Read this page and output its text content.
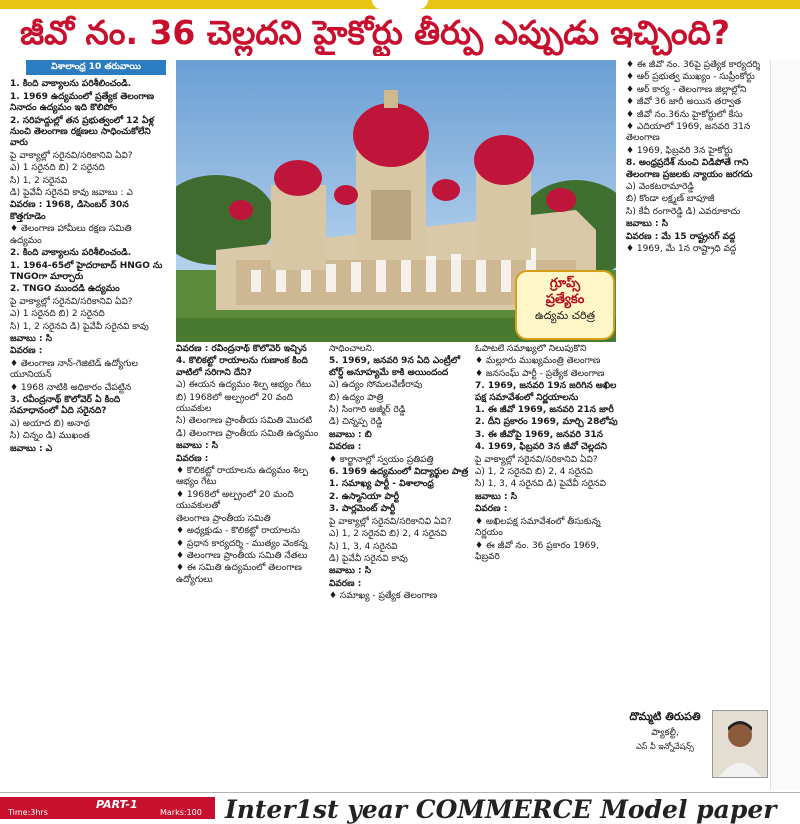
జీవో నం. 36 చెల్లదని హైకోర్టు తీర్పు ఎప్పుడు ఇచ్చింది?
విశాలాంధ్ర 10 తరువాయి

1. కింది వాక్యాలను పరిశీలించండి.

1. 1969 ఉద్యమంలో ప్రత్యేక తెలంగాణ నినాదం ఉద్యమం ఇది కొలిపోం

2. సరిహద్దుల్లో తన ప్రభుత్వంలో 12 ఏళ్ల నుంచి తెలంగాణ రక్షణలు సాధించుకోలేని వారు

పై వాక్యాల్లో సరైనవి/సరికానివి ఏవి?

ఎ) 1 సరైనది బి) 2 సరైనది

సి) 1, 2 సరైనవి

డి) పైవేవీ సరైనవి కావు జవాబు : ఎ

వివరణ : 1968, డిసెంబర్ 30న కొత్తగూడెం

♦ తెలంగాణ హామీలు రక్షణ సమితి ఉద్యమం

2. కింది వాక్యాలను పరిశీలించండి.

1. 1964-65లో హైదరాబాద్ HNGO ను TNGOగా మార్చారు

2. TNGO ముందడి ఉద్యమం

పై వాక్యాల్లో సరైనవి/సరికానివి ఏవి?

ఎ) 1 సరైనది బి) 2 సరైనది

సి) 1, 2 సరైనవి డి) పైవేవీ సరైనవి కావు

జవాబు : సి

వివరణ :

♦ తెలంగాణ నాన్-గెజిటెడ్ ఉద్యోగుల యూనియన్

♦ 1968 నాటికి అధికారం చేపట్టిన

3. రవీంద్రనాథ్ కొలోవెర్ ఏ కింది సమాధానంలో ఏది సరైనది?

ఎ) అయాద బి) అనాథ

సి) చిన్నం డి) ముఖంత

జవాబు : ఎ

గ్రూప్స్
ప్రత్యేకం
ఉద్యమ చరిత్ర

వివరణ : రవీంద్రనాథ్ కొలోవెర్ ఇచ్చిన

4. కొలికట్టో రాయాలను గుణాంక కింది వాటిలో సరిగాని దేని?

ఎ) ఈయన ఉద్యమం శిల్ప ఆభ్యం గేటు

బి) 1968లో అల్ప్రంలో 20 వంది యువకుల

సి) తెలంగాణ ప్రాంతీయ సమితి మొదటి

డి) తెలంగాణ ప్రాంతీయ సమితి ఉద్యమం

జవాబు : సి

వివరణ :

♦ కొలికట్టో రాయాలను ఉద్యమం శిల్ప ఆభ్యం గేటు

♦ 1968లో అల్ప్రంలో 20 మంది యువకులతో

తెలంగాణ ప్రాంతీయ సమితి

♦ అధ్యక్షుడు - కొలికట్టో రాయాలను

♦ ప్రధాన కార్యదర్శి - ముత్యం వెంకన్న

♦ తెలంగాణ ప్రాంతీయ సమితి నేతలు

♦ ఈ సమితి ఉద్యమంలో తెలంగాణ ఉద్యోగులు

సాధించాలని.

5. 1969, జనవరి 9న ఏది ఎంట్రీలో బోర్డ్ అనూహ్యమే కాకి అయిందంద

ఎ) ఉద్యం సోమలవేణీరావు

బి) ఉద్యం పాత్రి

సి) సింగారి అజ్మీర్ రెడ్డి

డి) చిన్నప్ప రెడ్డి

జవాబు : బి

వివరణ :

♦ కార్ఖానాల్లో స్వయం ప్రతిపత్తి

6. 1969 ఉద్యమంలో విద్యార్థుల పాత్ర

1. సమాఖ్య పార్టీ - విశాలాంధ్ర

2. ఉస్మానియా పార్టీ

3. పార్లమెంట్ పార్టీ

పై వాక్యాల్లో సరైనవి/సరికానివి ఏవి?

ఎ) 1, 2 సరైనవి బి) 2, 4 సరైనవి

సి) 1, 3, 4 సరైనవి

డి) పైవేవీ సరైనవి కావు

జవాబు : సి

వివరణ :

♦ సమాఖ్య - ప్రత్యేక తెలంగాణ

ఓపాటలే సమాఖ్యలో నిలుపుకొని

♦ మల్లూరు ముఖ్యమంత్రి తెలంగాణ

♦ జనసంఘ్ పార్టీ - ప్రత్యేక తెలంగాణ

7. 1969, జనవరి 19న జరిగిన అఖిల పక్ష సమావేశంలో నిర్ణయాలను

1. ఈ జీవో 1969, జనవరి 21న జారీ

2. దీని ప్రకారం 1969, మార్చి 28లోపు

3. ఈ జీవోపై 1969, జనవరి 31న

4. 1969, ఫిబ్రవరి 3న జీవో చెల్లదని

పై వాక్యాల్లో సరైనవి/సరికానివి ఏవి?

ఎ) 1, 2 సరైనవి బి) 2, 4 సరైనవి

సి) 1, 3, 4 సరైనవి డి) పైవేవీ సరైనవి

జవాబు : సి

వివరణ :

♦ అఖిలపక్ష సమావేశంలో తీసుకున్న నిర్ణయం

♦ ఈ జీవో నం. 36 ప్రకారం 1969, ఫిబ్రవరి

♦ ఈ జీవో నం. 36పై ప్రత్యేక కార్యదర్శి

♦ ఆర్ ప్రభుత్వ ముఖ్యం - సుప్రీంకోర్టు

♦ ఆర్ కార్య - తెలంగాణ జిల్లాల్లోని

♦ జీవో 36 జారీ అయిన తర్వాత

♦ జీవో నం.36ను హైకోర్టులో కేసు

♦ ఎదియాలో 1969, జనవరి 31న తెలంగాణ

♦ 1969, ఫిబ్రవరి 3న హైకోర్టు

8. అంధ్రప్రదేశ్ నుంచి విడిపోతే గాని తెలంగాణ ప్రజలకు న్యాయం జరగదు

ఎ) వెంకటరామారెడ్డి

బి) కొండా లక్ష్మణ్ బాపూజీ

సి) కేవీ రంగారెడ్డి డి) ఎవరూకాదు

జవాబు : సి

వివరణ : మే 15 రాష్ట్రనగ్ వద్ద

♦ 1969, మే 1న రాష్ట్రాధి వద్ద

దొమ్మటి తిరుపతి
ప్యాకల్టీ,
ఎస్ వీ ఇన్నోవేషన్స్
PART-1
Time:3hrs	Marks:100 Inter1st year COMMERCE Model paper
